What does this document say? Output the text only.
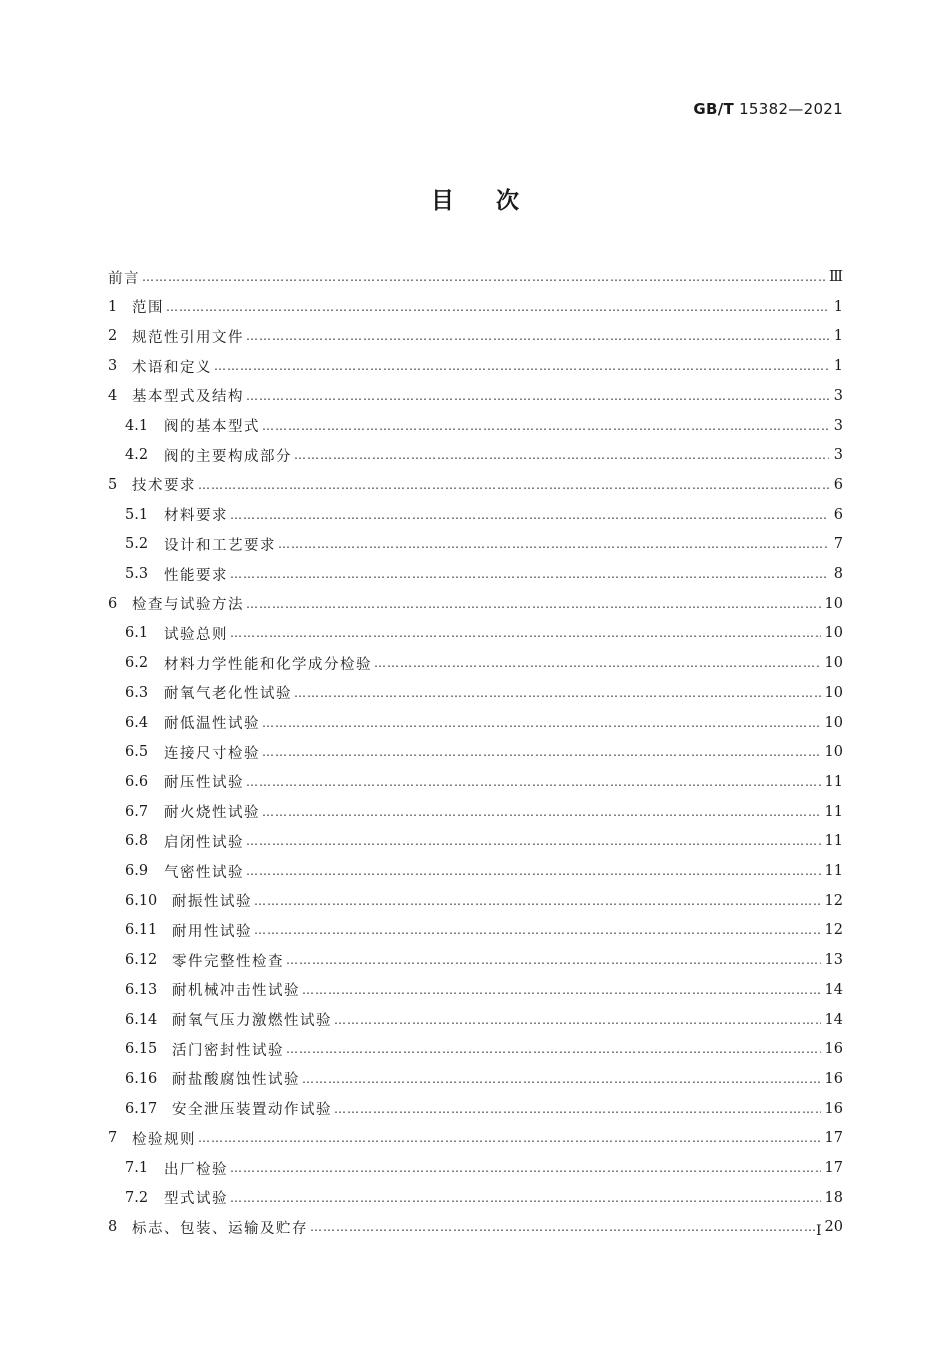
GB/T 15382—2021
目次
前言 ……………………………………………………………………………………………………………………………………………………………………………………………………………………………………	Ⅲ
1	范围 ……………………………………………………………………………………………………………………………………………………………………………………………………………………………………	1
2	规范性引用文件 ……………………………………………………………………………………………………………………………………………………………………………………………………………………………………	1
3	术语和定义 ……………………………………………………………………………………………………………………………………………………………………………………………………………………………………	1
4	基本型式及结构 ……………………………………………………………………………………………………………………………………………………………………………………………………………………………………	3
4.1	阀的基本型式 ……………………………………………………………………………………………………………………………………………………………………………………………………………………………………	3
4.2	阀的主要构成部分 ……………………………………………………………………………………………………………………………………………………………………………………………………………………………………	3
5	技术要求 ……………………………………………………………………………………………………………………………………………………………………………………………………………………………………	6
5.1	材料要求 ……………………………………………………………………………………………………………………………………………………………………………………………………………………………………	6
5.2	设计和工艺要求 ……………………………………………………………………………………………………………………………………………………………………………………………………………………………………	7
5.3	性能要求 ……………………………………………………………………………………………………………………………………………………………………………………………………………………………………	8
6	检查与试验方法 ……………………………………………………………………………………………………………………………………………………………………………………………………………………………………	10
6.1	试验总则 ……………………………………………………………………………………………………………………………………………………………………………………………………………………………………	10
6.2	材料力学性能和化学成分检验 ……………………………………………………………………………………………………………………………………………………………………………………………………………………………………	10
6.3	耐氧气老化性试验 ……………………………………………………………………………………………………………………………………………………………………………………………………………………………………	10
6.4	耐低温性试验 ……………………………………………………………………………………………………………………………………………………………………………………………………………………………………	10
6.5	连接尺寸检验 ……………………………………………………………………………………………………………………………………………………………………………………………………………………………………	10
6.6	耐压性试验 ……………………………………………………………………………………………………………………………………………………………………………………………………………………………………	11
6.7	耐火烧性试验 ……………………………………………………………………………………………………………………………………………………………………………………………………………………………………	11
6.8	启闭性试验 ……………………………………………………………………………………………………………………………………………………………………………………………………………………………………	11
6.9	气密性试验 ……………………………………………………………………………………………………………………………………………………………………………………………………………………………………	11
6.10	耐振性试验 ……………………………………………………………………………………………………………………………………………………………………………………………………………………………………	12
6.11	耐用性试验 ……………………………………………………………………………………………………………………………………………………………………………………………………………………………………	12
6.12	零件完整性检查 ……………………………………………………………………………………………………………………………………………………………………………………………………………………………………	13
6.13	耐机械冲击性试验 ……………………………………………………………………………………………………………………………………………………………………………………………………………………………………	14
6.14	耐氧气压力激燃性试验 ……………………………………………………………………………………………………………………………………………………………………………………………………………………………………	14
6.15	活门密封性试验 ……………………………………………………………………………………………………………………………………………………………………………………………………………………………………	16
6.16	耐盐酸腐蚀性试验 ……………………………………………………………………………………………………………………………………………………………………………………………………………………………………	16
6.17	安全泄压装置动作试验 ……………………………………………………………………………………………………………………………………………………………………………………………………………………………………	16
7	检验规则 ……………………………………………………………………………………………………………………………………………………………………………………………………………………………………	17
7.1	出厂检验 ……………………………………………………………………………………………………………………………………………………………………………………………………………………………………	17
7.2	型式试验 ……………………………………………………………………………………………………………………………………………………………………………………………………………………………………	18
8	标志、包装、运输及贮存 ……………………………………………………………………………………………………………………………………………………………………………………………………………………………………	20
I
